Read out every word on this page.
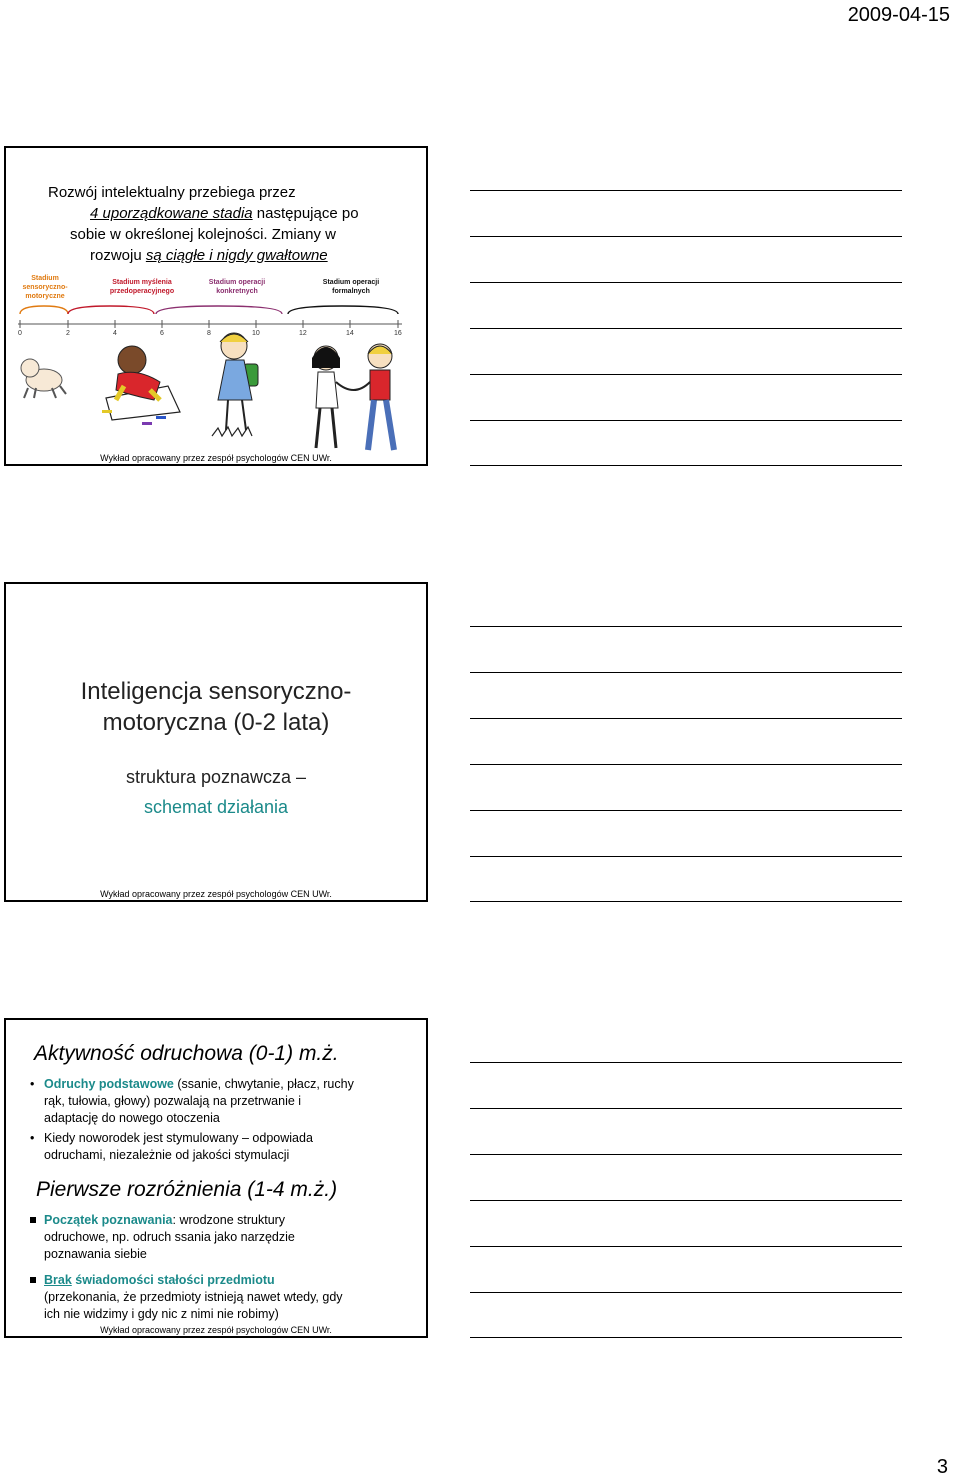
2009-04-15
Rozwój intelektualny przebiega przez
4 uporządkowane stadia następujące po
sobie w określonej kolejności. Zmiany w
rozwoju są ciągłe i nigdy gwałtowne
Stadium sensoryczno-motoryczne
Stadium myślenia przedoperacyjnego
Stadium operacji konkretnych
Stadium operacji formalnych
0	2	4	6	8	10	12	14	16
Wykład opracowany przez zespół psychologów CEN UWr.
Inteligencja sensoryczno-
motoryczna (0-2 lata)
struktura poznawcza –
schemat działania
Wykład opracowany przez zespół psychologów CEN UWr.
Aktywność odruchowa (0-1) m.ż.
• Odruchy podstawowe (ssanie, chwytanie, płacz, ruchy
rąk, tułowia, głowy) pozwalają na przetrwanie i
adaptację do nowego otoczenia
• Kiedy noworodek jest stymulowany – odpowiada
odruchami, niezależnie od jakości stymulacji
Pierwsze rozróżnienia (1-4 m.ż.)
Początek poznawania: wrodzone struktury
odruchowe, np. odruch ssania jako narzędzie
poznawania siebie
Brak świadomości stałości przedmiotu
(przekonania, że przedmioty istnieją nawet wtedy, gdy
ich nie widzimy i gdy nic z nimi nie robimy)
Wykład opracowany przez zespół psychologów CEN UWr.
3
